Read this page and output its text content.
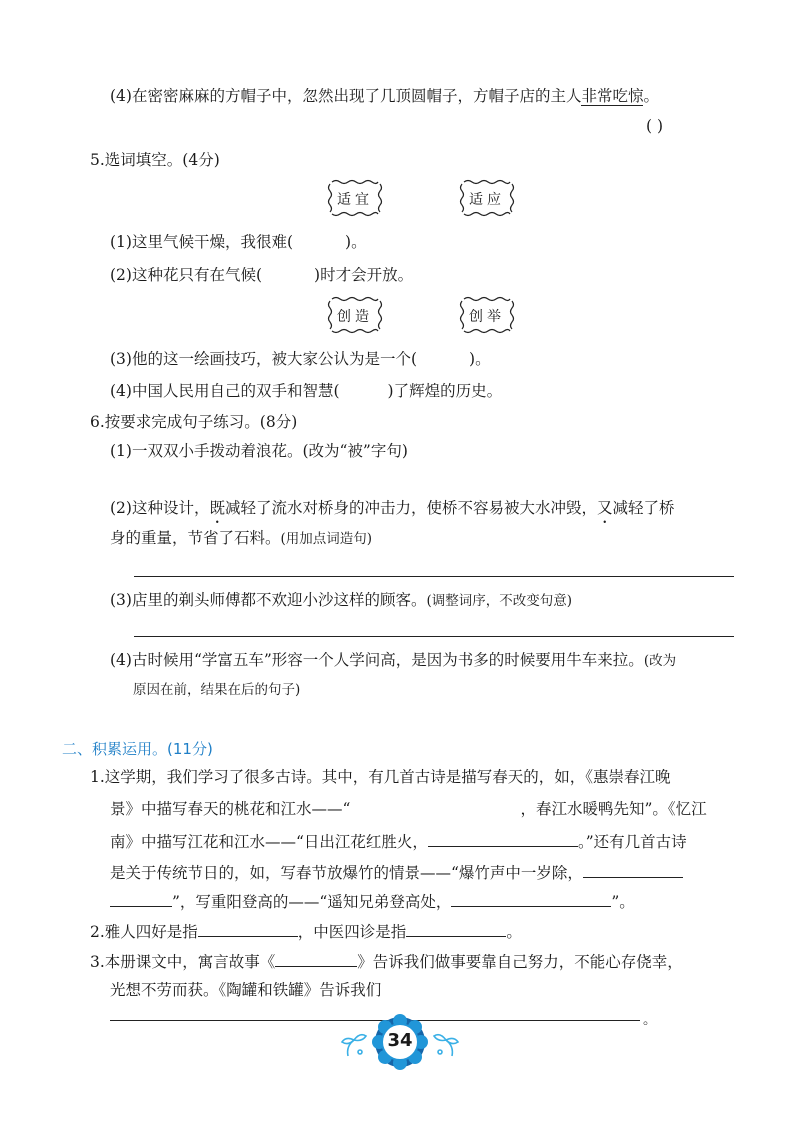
(4)在密密麻麻的方帽子中，忽然出现了几顶圆帽子，方帽子店的主人非常吃惊。
( )
5.选词填空。(4分)
适宜	适应
(1)这里气候干燥，我很难(	)。
(2)这种花只有在气候(	)时才会开放。
创造	创举
(3)他的这一绘画技巧，被大家公认为是一个(	)。
(4)中国人民用自己的双手和智慧(	)了辉煌的历史。
6.按要求完成句子练习。(8分)
(1)一双双小手拨动着浪花。(改为“被”字句)
(2)这种设计，既减轻了流水对桥身的冲击力，使桥不容易被大水冲毁，又减轻了桥
身的重量，节省了石料。(用加点词造句)
(3)店里的剃头师傅都不欢迎小沙这样的顾客。(调整词序，不改变句意)
(4)古时候用“学富五车”形容一个人学问高，是因为书多的时候要用牛车来拉。(改为
原因在前，结果在后的句子)
二、积累运用。(11分)
1.这学期，我们学习了很多古诗。其中，有几首古诗是描写春天的，如，《惠崇春江晚
景》中描写春天的桃花和江水——“	，春江水暖鸭先知”。《忆江
南》中描写江花和江水——“日出江花红胜火，	。”还有几首古诗
是关于传统节日的，如，写春节放爆竹的情景——“爆竹声中一岁除，
”，写重阳登高的——“遥知兄弟登高处，	”。
2.雅人四好是指	，中医四诊是指	。
3.本册课文中，寓言故事《	》告诉我们做事要靠自己努力，不能心存侥幸，
光想不劳而获。《陶罐和铁罐》告诉我们
。
34
